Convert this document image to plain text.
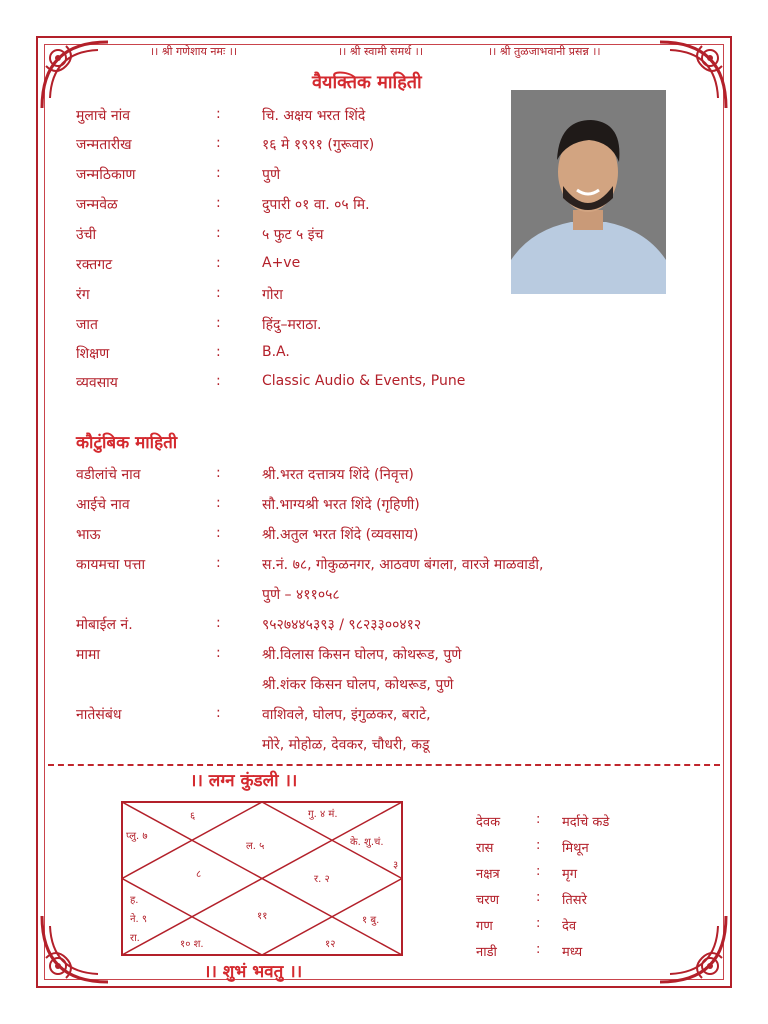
।। श्री गणेशाय नमः ।।	।। श्री स्वामी समर्थ ।।	।। श्री तुळजाभवानी प्रसन्न ।।
वैयक्तिक माहिती
मुलाचे नांव	:	चि. अक्षय भरत शिंदे
जन्मतारीख	:	१६ मे १९९१ (गुरूवार)
जन्मठिकाण	:	पुणे
जन्मवेळ	:	दुपारी ०१ वा. ०५ मि.
उंची	:	५ फुट ५ इंच
रक्तगट	:	A+ve
रंग	:	गोरा
जात	:	हिंदु–मराठा.
शिक्षण	:	B.A.
व्यवसाय	:	Classic Audio & Events, Pune
कौटुंबिक माहिती
वडीलांचे नाव	:	श्री.भरत दत्तात्रय शिंदे (निवृत्त)
आईचे नाव	:	सौ.भाग्यश्री भरत शिंदे (गृहिणी)
भाऊ	:	श्री.अतुल भरत शिंदे (व्यवसाय)
कायमचा पत्ता	:	स.नं. ७८, गोकुळनगर, आठवण बंगला, वारजे माळवाडी,
पुणे – ४११०५८
मोबाईल नं.	:	९५२७४४५३९३ / ९८२३३००४१२
मामा	:	श्री.विलास किसन घोलप, कोथरूड, पुणे
श्री.शंकर किसन घोलप, कोथरूड, पुणे
नातेसंबंध	:	वाशिवले, घोलप, इंगुळकर, बराटे,
मोरे, मोहोळ, देवकर, चौधरी, कडू
।। लग्न कुंडली ।।
६	गु. ४ मं.
प्लु. ७
ल. ५	के. शु.चं.
३
८	र. २
ह.
ने. ९
रा.
११	१ बु.
१० श.	१२
।। शुभं भवतु ।।
देवक	: मर्दाचे कडे
रास	: मिथून
नक्षत्र	: मृग
चरण	: तिसरे
गण	: देव
नाडी	: मध्य
